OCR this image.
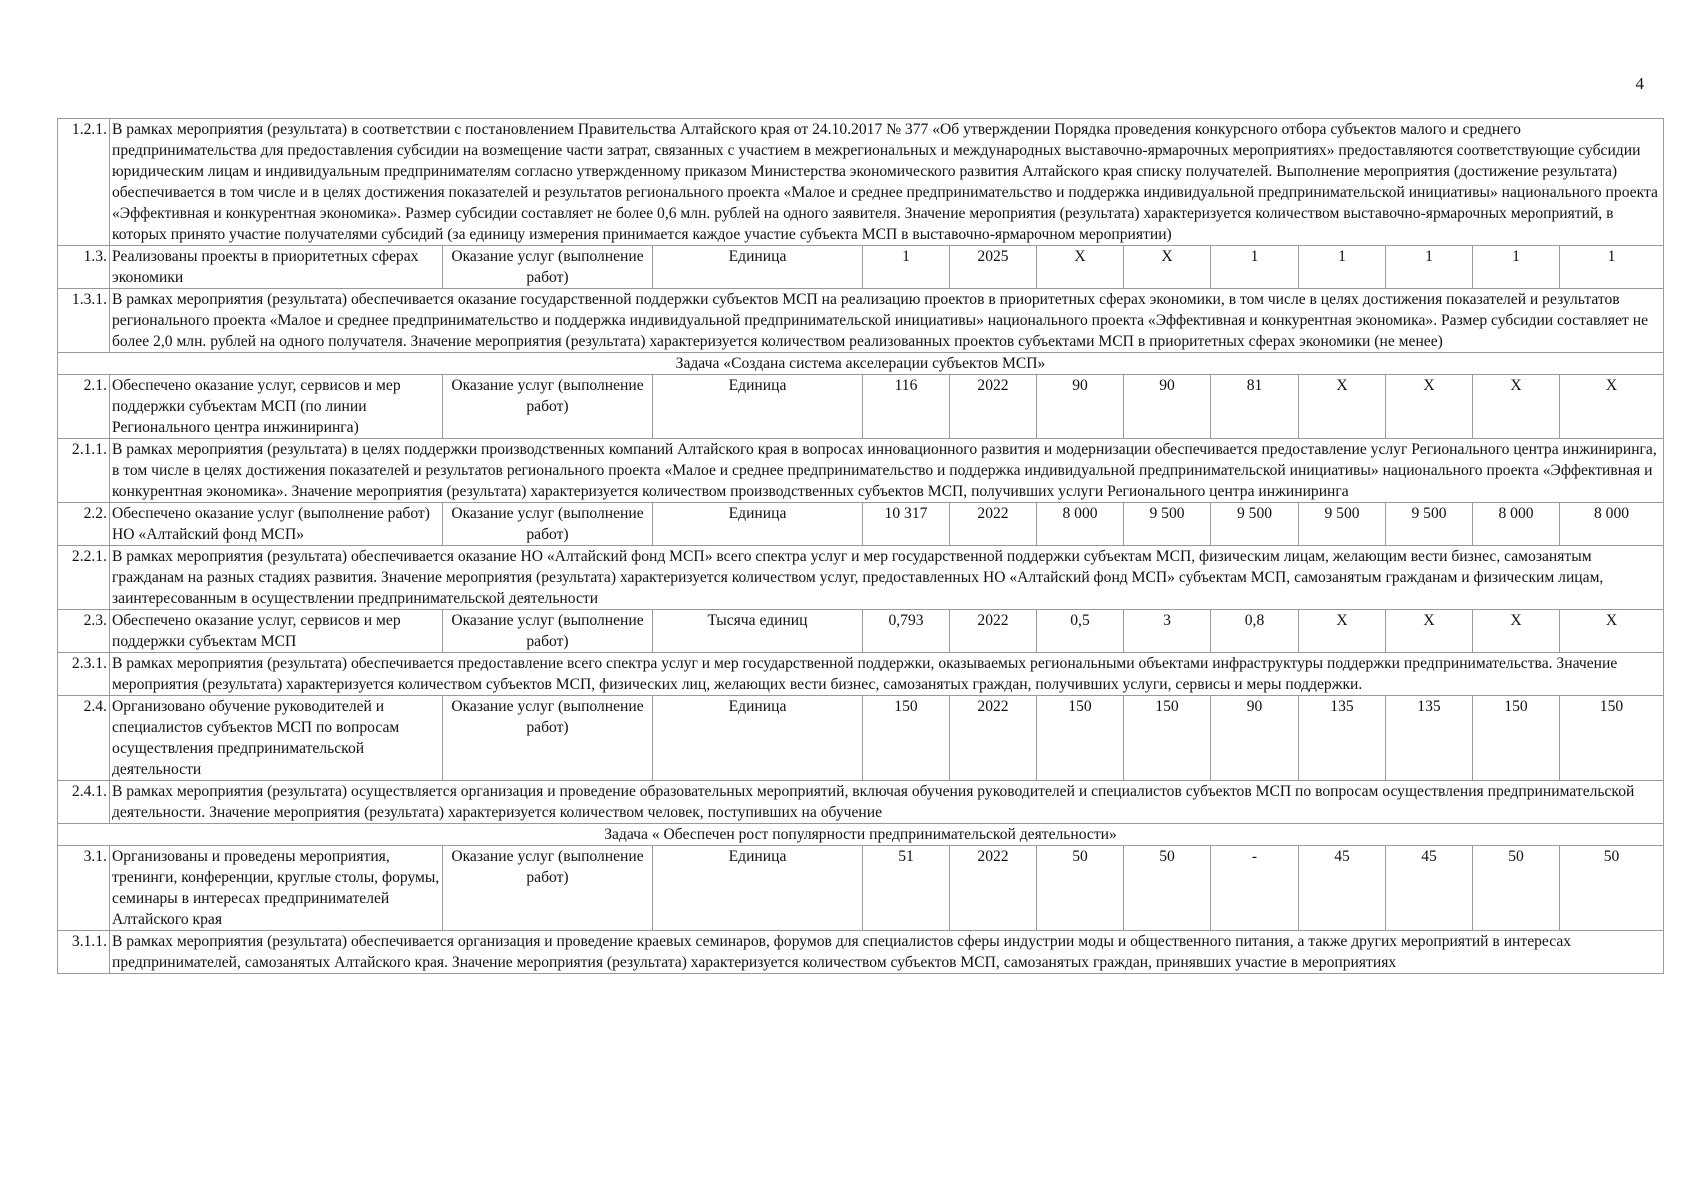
4
1.2.1.	В рамках мероприятия (результата) в соответствии с постановлением Правительства Алтайского края от 24.10.2017 № 377 «Об утверждении Порядка проведения конкурсного отбора субъектов малого и среднего предпринимательства для предоставления субсидии на возмещение части затрат, связанных с участием в межрегиональных и международных выставочно-ярмарочных мероприятиях» предоставляются соответствующие субсидии юридическим лицам и индивидуальным предпринимателям согласно утвержденному приказом Министерства экономического развития Алтайского края списку получателей. Выполнение мероприятия (достижение результата) обеспечивается в том числе и в целях достижения показателей и результатов регионального проекта «Малое и среднее предпринимательство и поддержка индивидуальной предпринимательской инициативы» национального проекта «Эффективная и конкурентная экономика». Размер субсидии составляет не более 0,6 млн. рублей на одного заявителя. Значение мероприятия (результата) характеризуется количеством выставочно-ярмарочных мероприятий, в которых принято участие получателями субсидий (за единицу измерения принимается каждое участие субъекта МСП в выставочно-ярмарочном мероприятии)											
1.3.	Реализованы проекты в приоритетных сферах экономики	Оказание услуг (выполнение работ)	Единица	1	2025	Х	Х	1	1	1	1	1
1.3.1.	В рамках мероприятия (результата) обеспечивается оказание государственной поддержки субъектов МСП на реализацию проектов в приоритетных сферах экономики, в том числе в целях достижения показателей и результатов регионального проекта «Малое и среднее предпринимательство и поддержка индивидуальной предпринимательской инициативы» национального проекта «Эффективная и конкурентная экономика». Размер субсидии составляет не более 2,0 млн. рублей на одного получателя. Значение мероприятия (результата) характеризуется количеством реализованных проектов субъектами МСП в приоритетных сферах экономики (не менее)											
Задача «Создана система акселерации субъектов МСП»												
2.1.	Обеспечено оказание услуг, сервисов и мер поддержки субъектам МСП (по линии Регионального центра инжиниринга)	Оказание услуг (выполнение работ)	Единица	116	2022	90	90	81	Х	Х	Х	Х
2.1.1.	В рамках мероприятия (результата) в целях поддержки производственных компаний Алтайского края в вопросах инновационного развития и модернизации обеспечивается предоставление услуг Регионального центра инжиниринга, в том числе в целях достижения показателей и результатов регионального проекта «Малое и среднее предпринимательство и поддержка индивидуальной предпринимательской инициативы» национального проекта «Эффективная и конкурентная экономика». Значение мероприятия (результата) характеризуется количеством производственных субъектов МСП, получивших услуги Регионального центра инжиниринга											
2.2.	Обеспечено оказание услуг (выполнение работ) НО «Алтайский фонд МСП»	Оказание услуг (выполнение работ)	Единица	10 317	2022	8 000	9 500	9 500	9 500	9 500	8 000	8 000
2.2.1.	В рамках мероприятия (результата) обеспечивается оказание НО «Алтайский фонд МСП» всего спектра услуг и мер государственной поддержки субъектам МСП, физическим лицам, желающим вести бизнес, самозанятым гражданам на разных стадиях развития. Значение мероприятия (результата) характеризуется количеством услуг, предоставленных НО «Алтайский фонд МСП» субъектам МСП, самозанятым гражданам и физическим лицам, заинтересованным в осуществлении предпринимательской деятельности											
2.3.	Обеспечено оказание услуг, сервисов и мер поддержки субъектам МСП	Оказание услуг (выполнение работ)	Тысяча единиц	0,793	2022	0,5	3	0,8	Х	Х	Х	Х
2.3.1.	В рамках мероприятия (результата) обеспечивается предоставление всего спектра услуг и мер государственной поддержки, оказываемых региональными объектами инфраструктуры поддержки предпринимательства. Значение мероприятия (результата) характеризуется количеством субъектов МСП, физических лиц, желающих вести бизнес, самозанятых граждан, получивших услуги, сервисы и меры поддержки.											
2.4.	Организовано обучение руководителей и специалистов субъектов МСП по вопросам осуществления предпринимательской деятельности	Оказание услуг (выполнение работ)	Единица	150	2022	150	150	90	135	135	150	150
2.4.1.	В рамках мероприятия (результата) осуществляется организация и проведение образовательных мероприятий, включая обучения руководителей и специалистов субъектов МСП по вопросам осуществления предпринимательской деятельности. Значение мероприятия (результата) характеризуется количеством человек, поступивших на обучение											
Задача « Обеспечен рост популярности предпринимательской деятельности»												
3.1.	Организованы и проведены мероприятия, тренинги, конференции, круглые столы, форумы, семинары в интересах предпринимателей Алтайского края	Оказание услуг (выполнение работ)	Единица	51	2022	50	50	-	45	45	50	50
3.1.1.	В рамках мероприятия (результата) обеспечивается организация и проведение краевых семинаров, форумов для специалистов сферы индустрии моды и общественного питания, а также других мероприятий в интересах предпринимателей, самозанятых Алтайского края. Значение мероприятия (результата) характеризуется количеством субъектов МСП, самозанятых граждан, принявших участие в мероприятиях											
